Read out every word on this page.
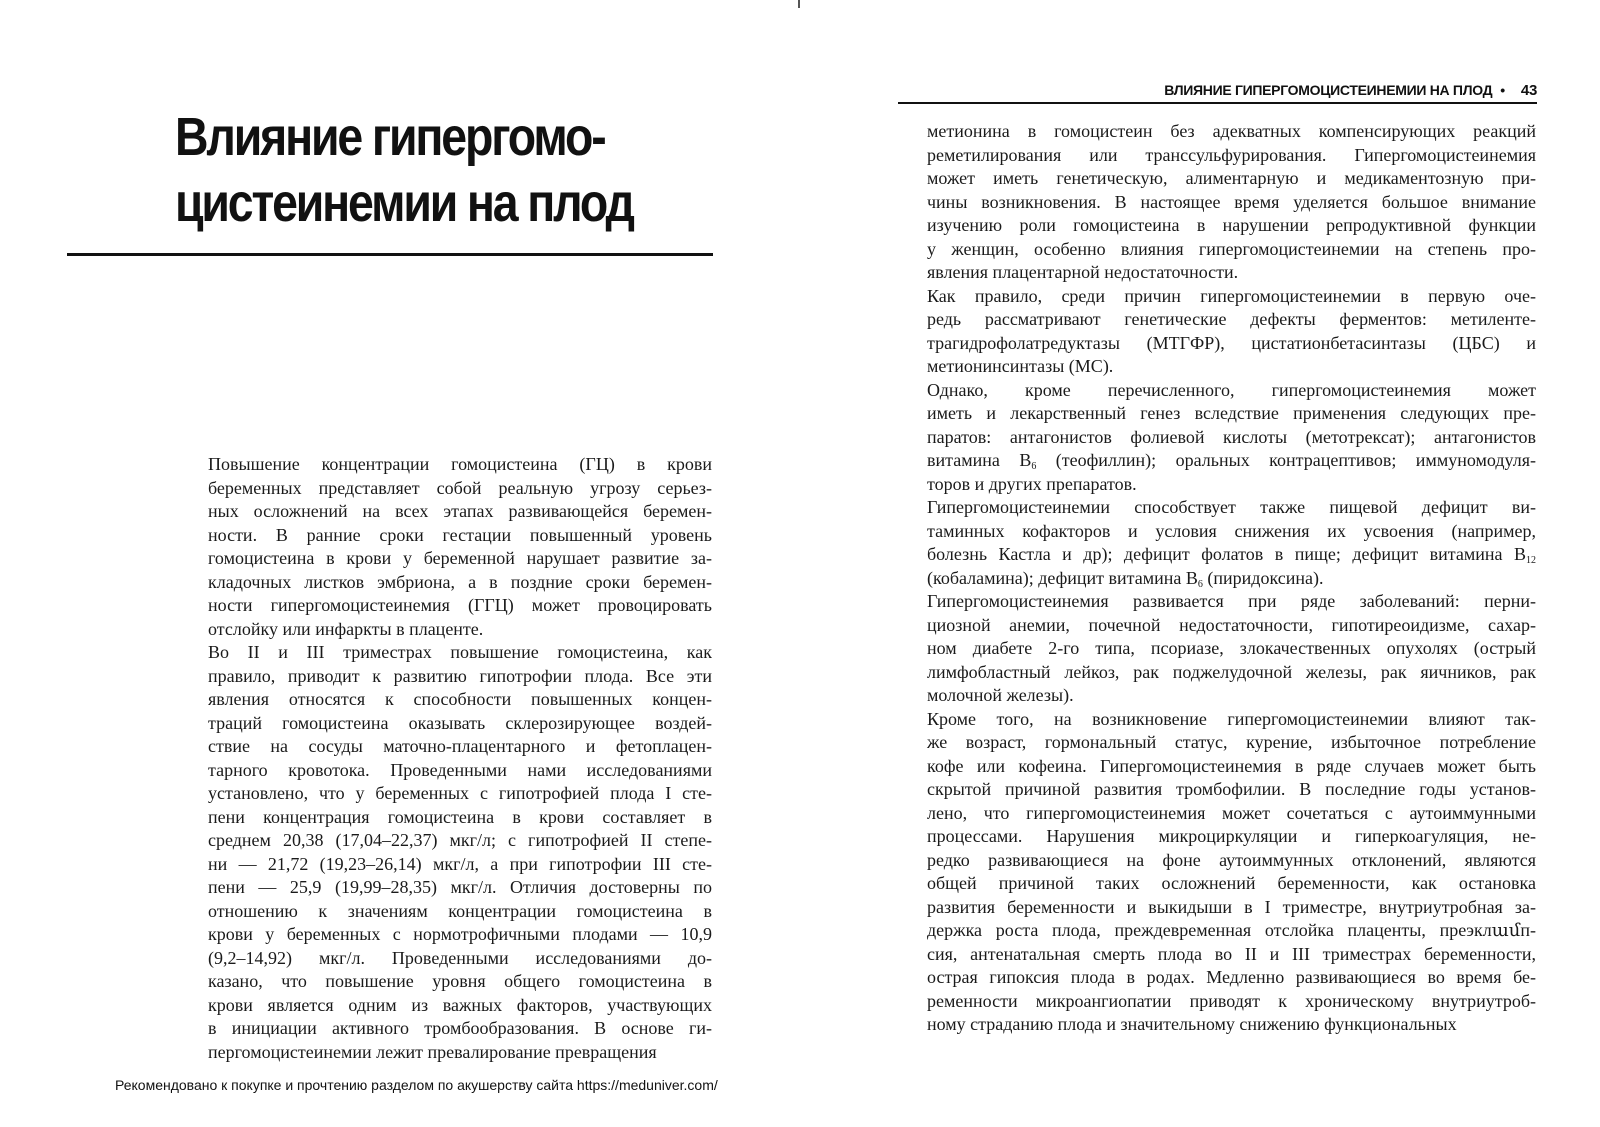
Влияние гипергомо-
цистеинемии на плод

Повышение концентрации гомоцистеина (ГЦ) в крови
беременных представляет собой реальную угрозу серьез-
ных осложнений на всех этапах развивающейся беремен-
ности. В ранние сроки гестации повышенный уровень
гомоцистеина в крови у беременной нарушает развитие за-
кладочных листков эмбриона, а в поздние сроки беремен-
ности гипергомоцистеинемия (ГГЦ) может провоцировать
отслойку или инфаркты в плаценте.

Во II и III триместрах повышение гомоцистеина, как
правило, приводит к развитию гипотрофии плода. Все эти
явления относятся к способности повышенных концен-
траций гомоцистеина оказывать склерозирующее воздей-
ствие на сосуды маточно-плацентарного и фетоплацен-
тарного кровотока. Проведенными нами исследованиями
установлено, что у беременных с гипотрофией плода I сте-
пени концентрация гомоцистеина в крови составляет в
среднем 20,38 (17,04–22,37) мкг/л; с гипотрофией II степе-
ни — 21,72 (19,23–26,14) мкг/л, а при гипотрофии III сте-
пени — 25,9 (19,99–28,35) мкг/л. Отличия достоверны по
отношению к значениям концентрации гомоцистеина в
крови у беременных с нормотрофичными плодами — 10,9
(9,2–14,92) мкг/л. Проведенными исследованиями до-
казано, что повышение уровня общего гомоцистеина в
крови является одним из важных факторов, участвующих
в инициации активного тромбообразования. В основе ги-
пергомоцистеинемии лежит превалирование превращения

ВЛИЯНИЕ ГИПЕРГОМОЦИСТЕИНЕМИИ НА ПЛОД • 43

метионина в гомоцистеин без адекватных компенсирующих реакций
реметилирования или транссульфурирования. Гипергомоцистеинемия
может иметь генетическую, алиментарную и медикаментозную при-
чины возникновения. В настоящее время уделяется большое внимание
изучению роли гомоцистеина в нарушении репродуктивной функции
у женщин, особенно влияния гипергомоцистеинемии на степень про-
явления плацентарной недостаточности.

Как правило, среди причин гипергомоцистеинемии в первую оче-
редь рассматривают генетические дефекты ферментов: метиленте-
трагидрофолатредуктазы (МТГФР), цистатионбетасинтазы (ЦБС) и
метионинсинтазы (МС).

Однако, кроме перечисленного, гипергомоцистеинемия может
иметь и лекарственный генез вследствие применения следующих пре-
паратов: антагонистов фолиевой кислоты (метотрексат); антагонистов
витамина $B_6$ (теофиллин); оральных контрацептивов; иммуномодуля-
торов и других препаратов.

Гипергомоцистеинемии способствует также пищевой дефицит ви-
таминных кофакторов и условия снижения их усвоения (например,
болезнь Кастла и др); дефицит фолатов в пище; дефицит витамина $B_{12}$
(кобаламина); дефицит витамина $B_6$ (пиридоксина).

Гипергомоцистеинемия развивается при ряде заболеваний: перни-
циозной анемии, почечной недостаточности, гипотиреоидизме, сахар-
ном диабете 2-го типа, псориазе, злокачественных опухолях (острый
лимфобластный лейкоз, рак поджелудочной железы, рак яичников, рак
молочной железы).

Кроме того, на возникновение гипергомоцистеинемии влияют так-
же возраст, гормональный статус, курение, избыточное потребление
кофе или кофеина. Гипергомоцистеинемия в ряде случаев может быть
скрытой причиной развития тромбофилии. В последние годы установ-
лено, что гипергомоцистеинемия может сочетаться с аутоиммунными
процессами. Нарушения микроциркуляции и гиперкоагуляция, не-
редко развивающиеся на фоне аутоиммунных отклонений, являются
общей причиной таких осложнений беременности, как остановка
развития беременности и выкидыши в I триместре, внутриутробная за-
держка роста плода, преждевременная отслойка плаценты, преэклամп-
сия, антенатальная смерть плода во II и III триместрах беременности,
острая гипоксия плода в родах. Медленно развивающиеся во время бе-
ременности микроангиопатии приводят к хроническому внутриутроб-
ному страданию плода и значительному снижению функциональных

Рекомендовано к покупке и прочтению разделом по акушерству сайта https://meduniver.com/
